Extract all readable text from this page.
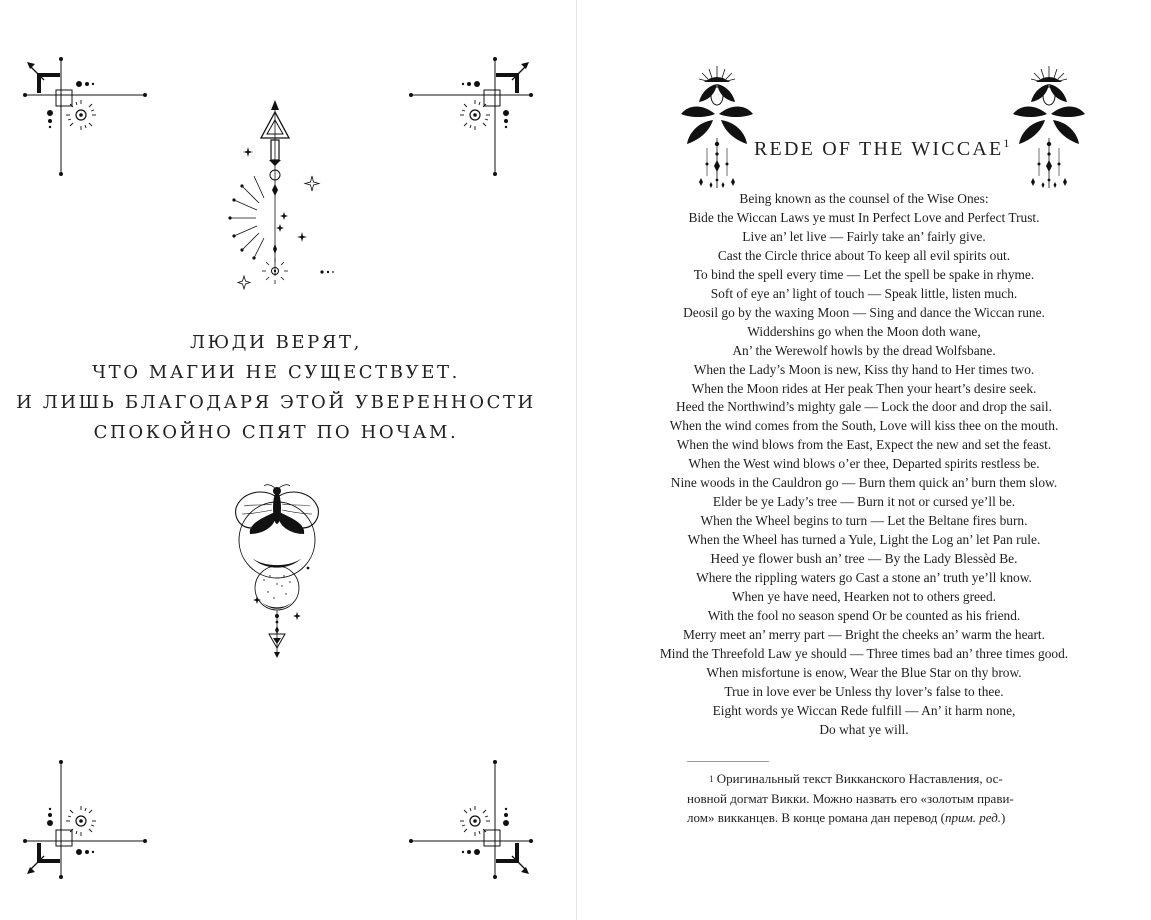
ЛЮДИ ВЕРЯТ,
ЧТО МАГИИ НЕ СУЩЕСТВУЕТ.
И ЛИШЬ БЛАГОДАРЯ ЭТОЙ УВЕРЕННОСТИ
СПОКОЙНО СПЯТ ПО НОЧАМ.
REDE OF THE WICCAE$^1$
Being known as the counsel of the Wise Ones:
Bide the Wiccan Laws ye must In Perfect Love and Perfect Trust.
Live an’ let live — Fairly take an’ fairly give.
Cast the Circle thrice about To keep all evil spirits out.
To bind the spell every time — Let the spell be spake in rhyme.
Soft of eye an’ light of touch — Speak little, listen much.
Deosil go by the waxing Moon — Sing and dance the Wiccan rune.
Widdershins go when the Moon doth wane,
An’ the Werewolf howls by the dread Wolfsbane.
When the Lady’s Moon is new, Kiss thy hand to Her times two.
When the Moon rides at Her peak Then your heart’s desire seek.
Heed the Northwind’s mighty gale — Lock the door and drop the sail.
When the wind comes from the South, Love will kiss thee on the mouth.
When the wind blows from the East, Expect the new and set the feast.
When the West wind blows o’er thee, Departed spirits restless be.
Nine woods in the Cauldron go — Burn them quick an’ burn them slow.
Elder be ye Lady’s tree — Burn it not or cursed ye’ll be.
When the Wheel begins to turn — Let the Beltane fires burn.
When the Wheel has turned a Yule, Light the Log an’ let Pan rule.
Heed ye flower bush an’ tree — By the Lady Blessèd Be.
Where the rippling waters go Cast a stone an’ truth ye’ll know.
When ye have need, Hearken not to others greed.
With the fool no season spend Or be counted as his friend.
Merry meet an’ merry part — Bright the cheeks an’ warm the heart.
Mind the Threefold Law ye should — Three times bad an’ three times good.
When misfortune is enow, Wear the Blue Star on thy brow.
True in love ever be Unless thy lover’s false to thee.
Eight words ye Wiccan Rede fulfill — An’ it harm none,
Do what ye will.
$^1$ Оригинальный текст Викканского Наставления, ос-
новной догмат Викки. Можно назвать его «золотым прави-
лом» викканцев. В конце романа дан перевод (прим. ред.)
